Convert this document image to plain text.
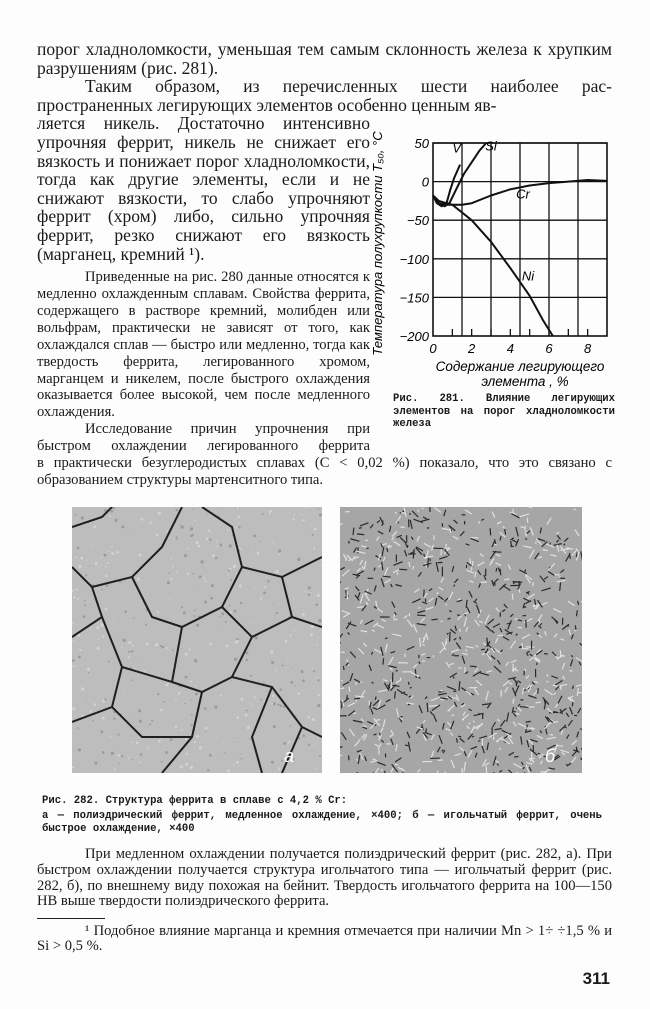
порог хладноломкости, уменьшая тем самым склонность железа к хрупким разрушениям (рис. 281).

Таким образом, из перечисленных шести наиболее рас-пространенных легирующих элементов особенно ценным яв-

ляется никель. Достаточно интенсивно упрочняя феррит, никель не снижает его вязкость и понижает порог хладноломкости, тогда как другие элементы, если и не снижают вязкости, то слабо упрочняют феррит (хром) либо, сильно упрочняя феррит, резко снижают его вязкость (марганец, кремний ¹).

Приведенные на рис. 280 данные относятся к медленно охлажденным сплавам. Свойства феррита, содержащего в растворе кремний, молибден или вольфрам, практически не зависят от того, как охлаждался сплав — быстро или медленно, тогда как твердость феррита, легированного хромом, марганцем и никелем, после быстрого охлаждения оказывается более высокой, чем после медленного охлаждения.

Исследование причин упрочнения при быстром охлаждении легированного феррита

0 2 4 6 8
50
0
−50
−100
−150
−200
Содержание легирующего
элемента , %
Температура полухрупкости T₅₀, °C	V Si
Cr
Ni

Рис. 281. Влияние легирующих элементов на порог хладноломкости железа

в практически безуглеродистых сплавах (C < 0,02 %) показало, что это связано с образованием структуры мартенситного типа.

а	б

Рис. 282. Структура феррита в сплаве с 4,2 % Cr:

а — полиэдрический феррит, медленное охлаждение, ×400; б — игольчатый феррит, очень быстрое охлаждение, ×400

При медленном охлаждении получается полиэдрический феррит (рис. 282, а). При быстром охлаждении получается структура игольчатого типа — игольчатый феррит (рис. 282, б), по внешнему виду похожая на бейнит. Твердость игольчатого феррита на 100—150 НВ выше твердости полиэдрического феррита.

¹ Подобное влияние марганца и кремния отмечается при наличии Mn > 1÷ ÷1,5 % и Si > 0,5 %.

311
